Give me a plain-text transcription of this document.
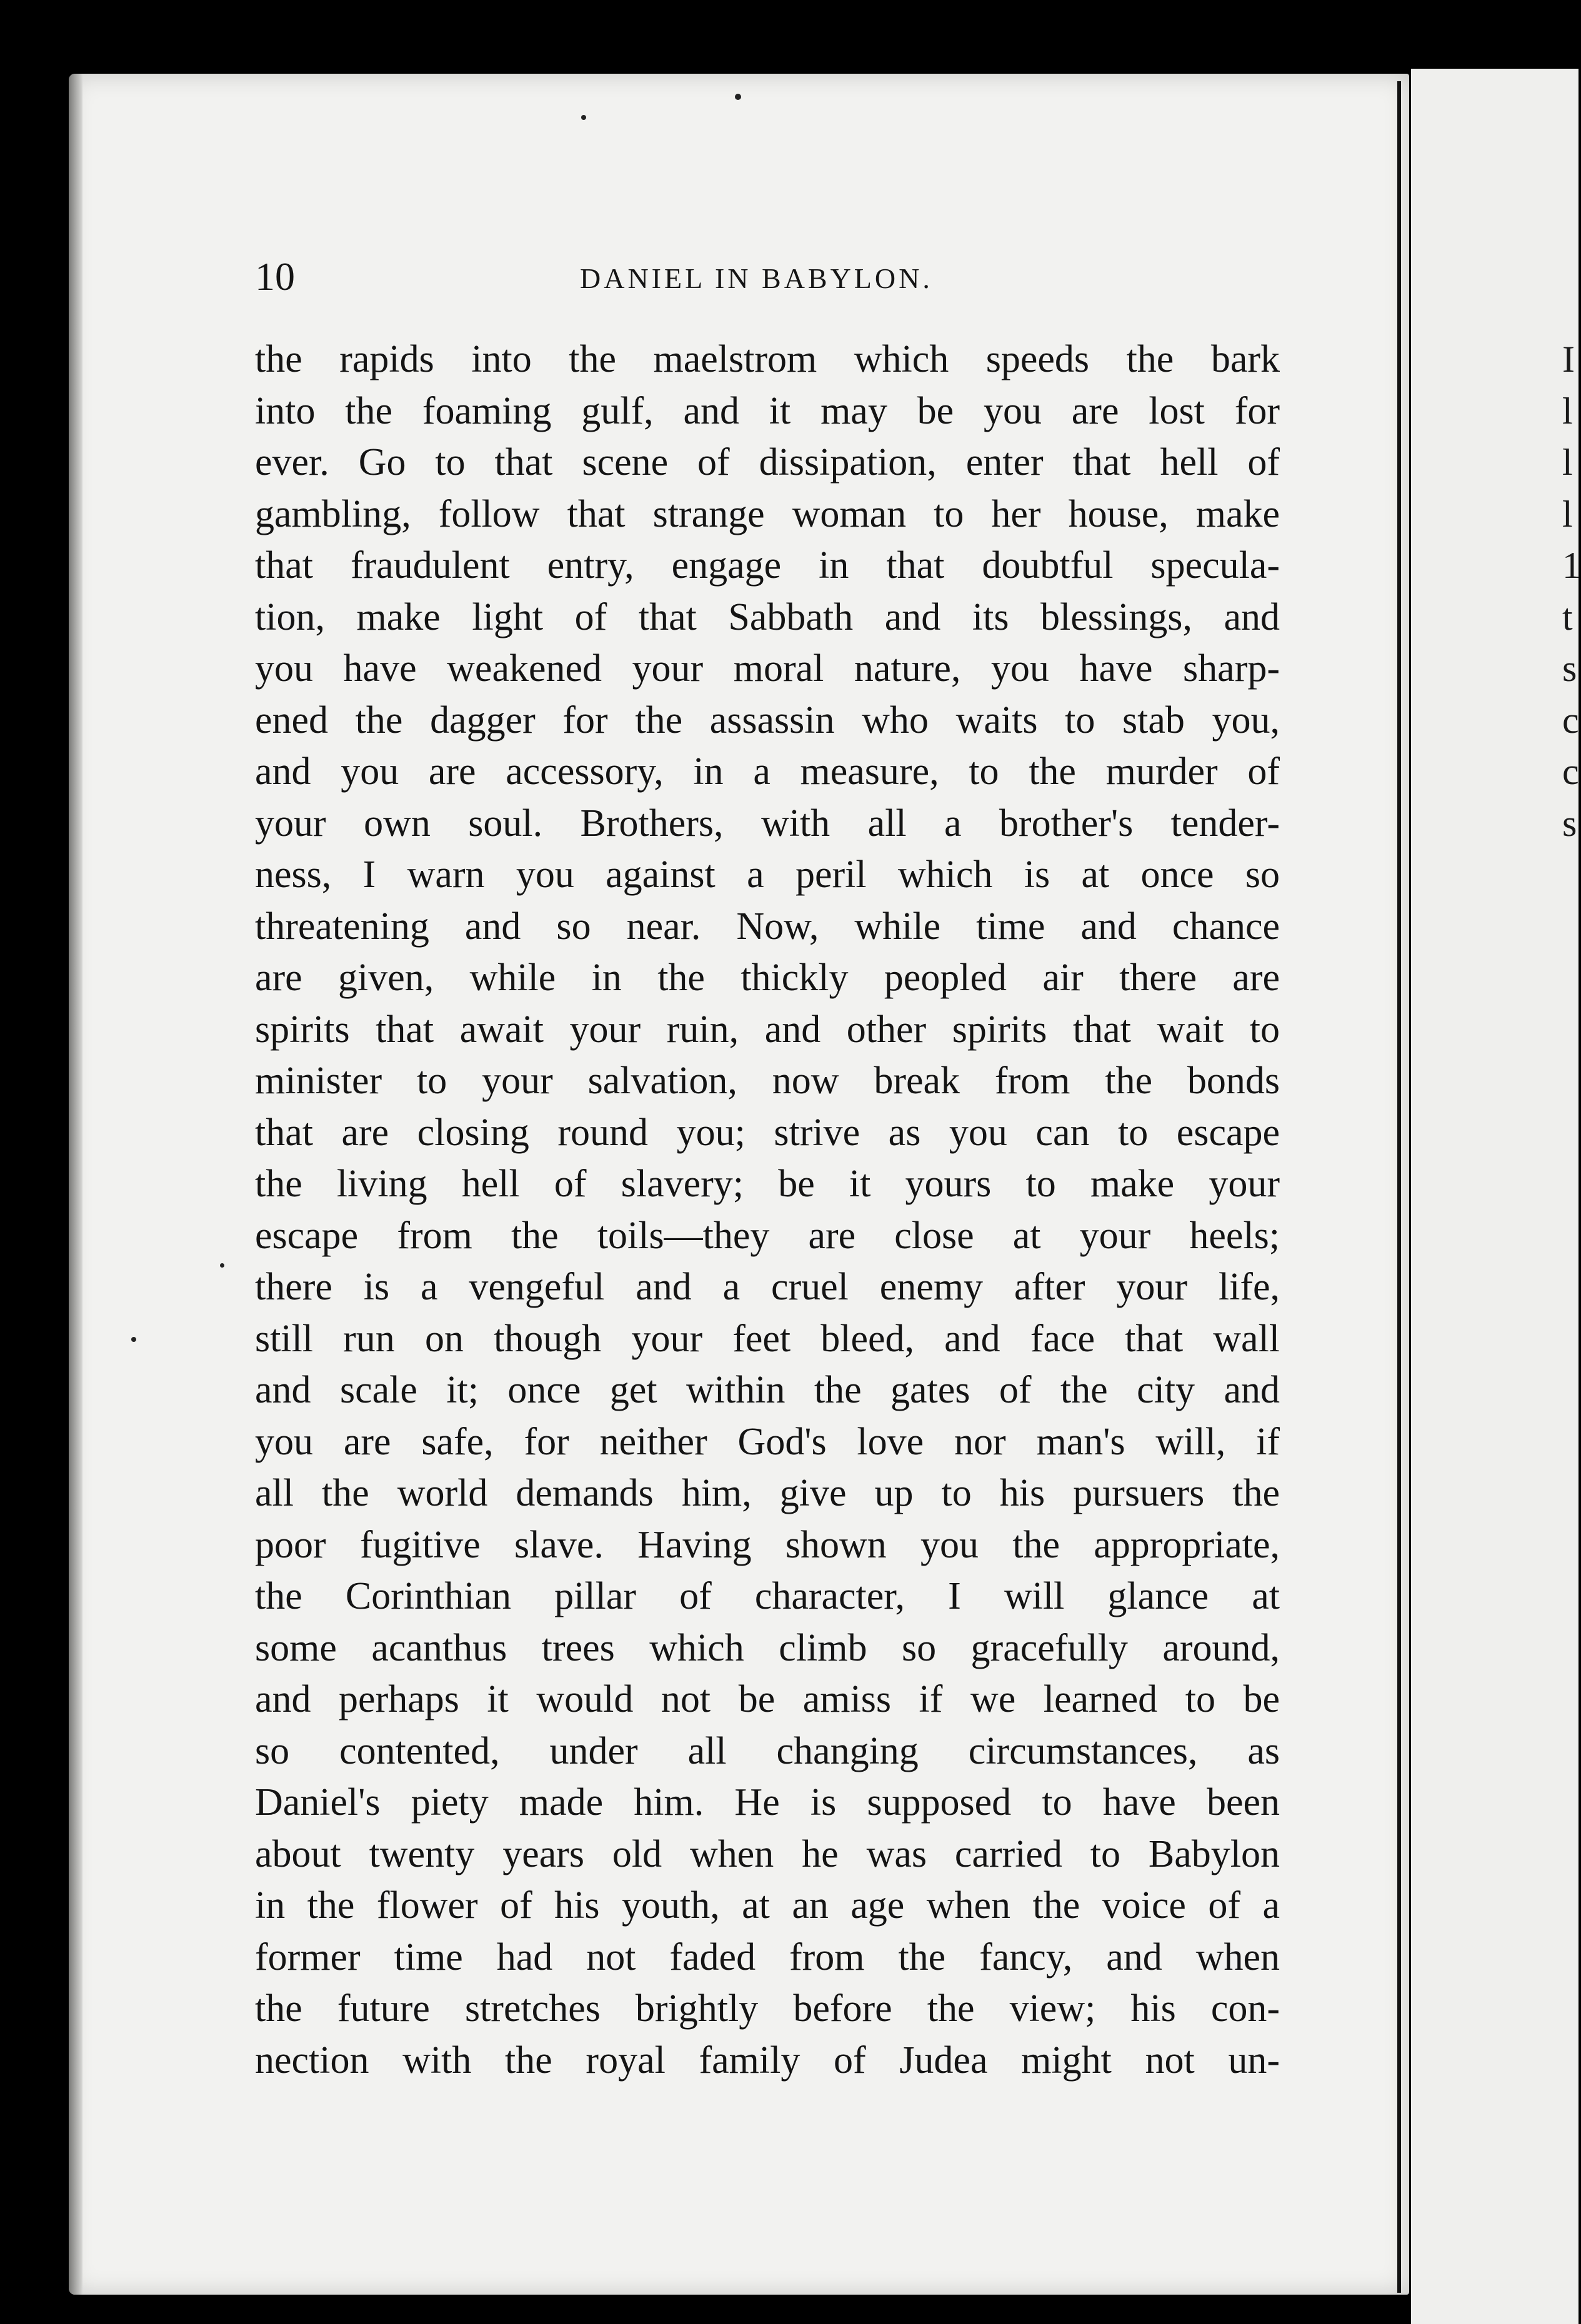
10	DANIEL IN BABYLON.
the rapids into the maelstrom which speeds the bark
into the foaming gulf, and it may be you are lost for
ever. Go to that scene of dissipation, enter that hell of
gambling, follow that strange woman to her house, make
that fraudulent entry, engage in that doubtful specula-
tion, make light of that Sabbath and its blessings, and
you have weakened your moral nature, you have sharp-
ened the dagger for the assassin who waits to stab you,
and you are accessory, in a measure, to the murder of
your own soul. Brothers, with all a brother's tender-
ness, I warn you against a peril which is at once so
threatening and so near. Now, while time and chance
are given, while in the thickly peopled air there are
spirits that await your ruin, and other spirits that wait to
minister to your salvation, now break from the bonds
that are closing round you; strive as you can to escape
the living hell of slavery; be it yours to make your
escape from the toils—they are close at your heels;
there is a vengeful and a cruel enemy after your life,
still run on though your feet bleed, and face that wall
and scale it; once get within the gates of the city and
you are safe, for neither God's love nor man's will, if
all the world demands him, give up to his pursuers the
poor fugitive slave. Having shown you the appropriate,
the Corinthian pillar of character, I will glance at
some acanthus trees which climb so gracefully around,
and perhaps it would not be amiss if we learned to be
so contented, under all changing circumstances, as
Daniel's piety made him. He is supposed to have been
about twenty years old when he was carried to Babylon
in the flower of his youth, at an age when the voice of a
former time had not faded from the fancy, and when
the future stretches brightly before the view; his con-
nection with the royal family of Judea might not un-
I
l
l
l
1
t
s
c
c
s
